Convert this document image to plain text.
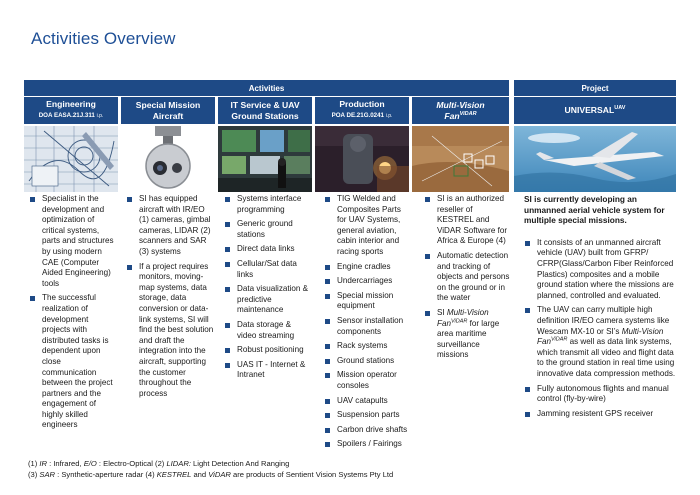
Activities Overview
Activities	Project
Engineering
DOA EASA.21J.311 i.p.
Special Mission
Aircraft
IT Service & UAV
Ground Stations
Production
POA DE.21G.0241 i.p.
Multi-Vision
Fan$^{ViDAR}$	$UNIVERSAL^{UAV}$
Specialist in the development and optimization of critical systems, parts and structures by using modern CAE (Computer Aided Engineering) tools
The successful realization of development projects with distributed tasks is dependent upon close communication between the project partners and the engagement of highly skilled engineers
SI has equipped aircraft with IR/EO (1) cameras, gimbal cameras, LIDAR (2) scanners and SAR (3) systems
If a project requires monitors, moving-map systems, data storage, data conversion or data-link systems, SI will find the best solution and draft the integration into the aircraft, supporting the customer throughout the process
Systems interface programming
Generic ground stations
Direct data links
Cellular/Sat data links
Data visualization & predictive maintenance
Data storage & video streaming
Robust positioning
UAS IT - Internet & Intranet
TIG Welded and Composites Parts for UAV Systems, general aviation, cabin interior and racing sports
Engine cradles
Undercarriages
Special mission equipment
Sensor installation components
Rack systems
Ground stations
Mission operator consoles
UAV catapults
Suspension parts
Carbon drive shafts
Spoilers / Fairings
SI is an authorized reseller of KESTREL and ViDAR Software for Africa & Europe (4)
Automatic detection and tracking of objects and persons on the ground or in the water
SI Multi-Vision Fan$^{ViDAR}$ for large area maritime surveillance missions
SI is currently developing an unmanned aerial vehicle system for multiple special missions.
It consists of an unmanned aircraft vehicle (UAV) built from GFRP/ CFRP(Glass/Carbon Fiber Reinforced Plastics) composites and a mobile ground station where the missions are planned, controlled and evaluated.
The UAV can carry multiple high definition IR/EO camera systems like Wescam MX-10 or SI’s Multi-Vision Fan$^{ViDAR}$ as well as data link systems, which transmit all video and flight data to the ground station in real time using innovative data compression methods.
Fully autonomous flights and manual control (fly-by-wire)
Jamming resistent GPS receiver
(1) IR : Infrared, E/O : Electro-Optical (2) LIDAR: Light Detection And Ranging
(3) SAR : Synthetic-aperture radar (4) KESTREL and ViDAR are products of Sentient Vision Systems Pty Ltd
